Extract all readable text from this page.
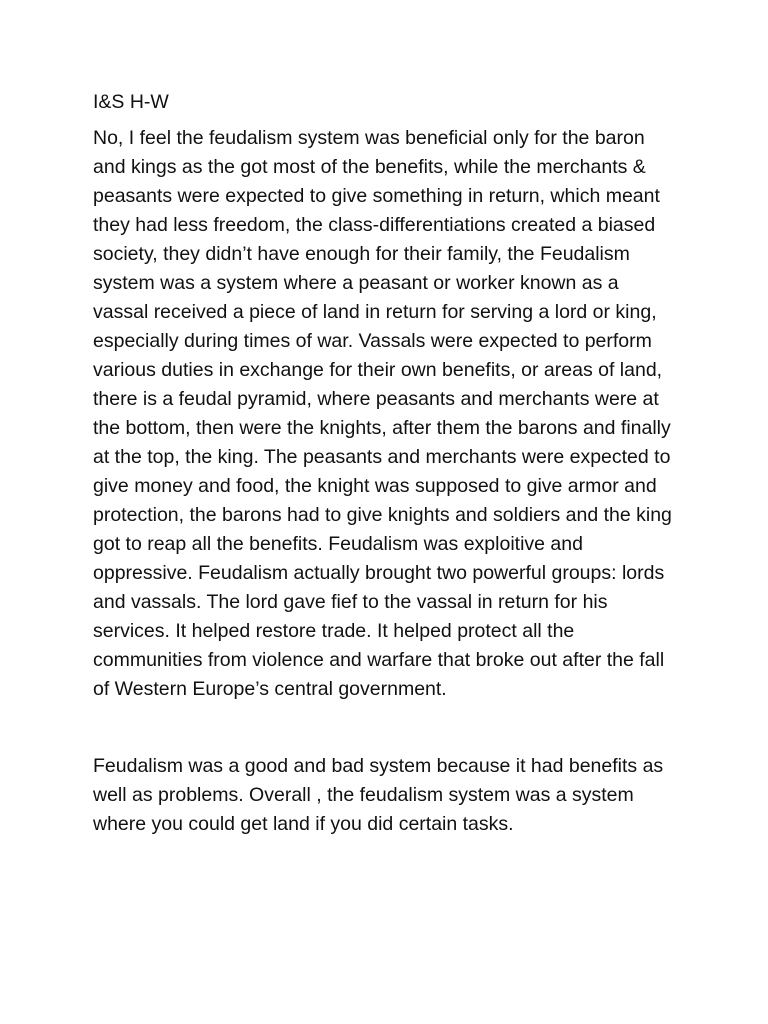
I&S H-W

No, I feel the feudalism system was beneficial only for the baron and kings as the got most of the benefits, while the merchants & peasants were expected to give something in return, which meant they had less freedom, the class-differentiations created a biased society, they didn’t have enough for their family, the Feudalism system was a system where a peasant or worker known as a vassal received a piece of land in return for serving a lord or king, especially during times of war. Vassals were expected to perform various duties in exchange for their own benefits, or areas of land, there is a feudal pyramid, where peasants and merchants were at the bottom, then were the knights, after them the barons and finally at the top, the king. The peasants and merchants were expected to give money and food, the knight was supposed to give armor and protection, the barons had to give knights and soldiers and the king got to reap all the benefits. Feudalism was exploitive and oppressive. Feudalism actually brought two powerful groups: lords and vassals. The lord gave fief to the vassal in return for his services. It helped restore trade. It helped protect all the communities from violence and warfare that broke out after the fall of Western Europe’s central government.

Feudalism was a good and bad system because it had benefits as well as problems. Overall , the feudalism system was a system where you could get land if you did certain tasks.
